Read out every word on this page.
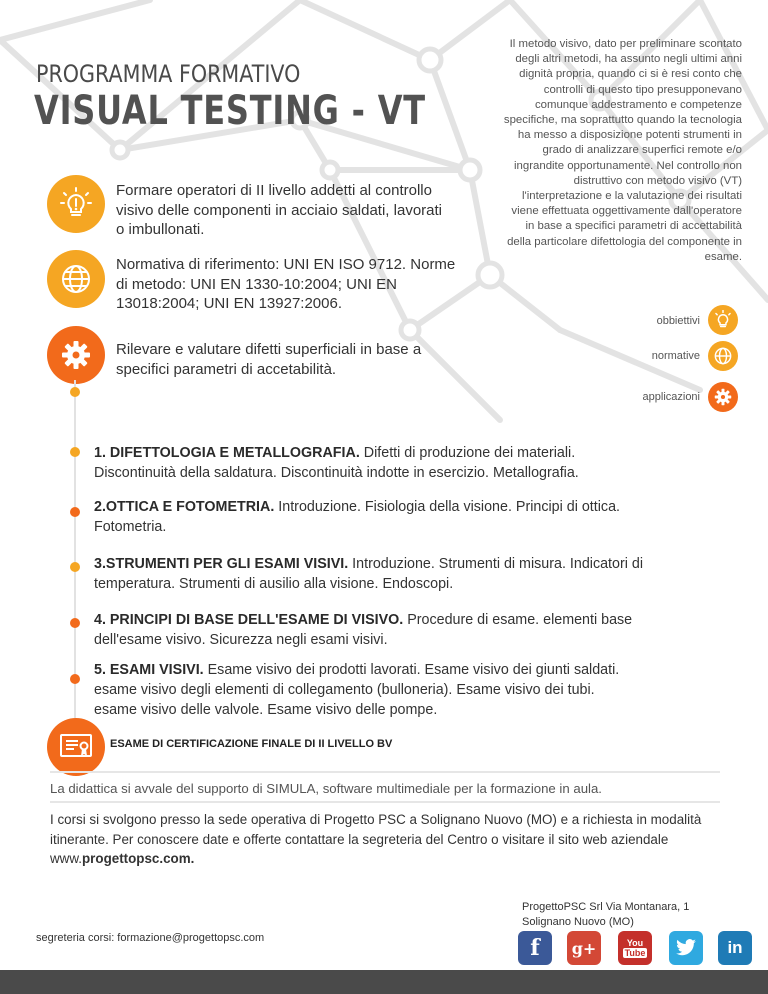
PROGRAMMA FORMATIVO
VISUAL TESTING - VT
Il metodo visivo, dato per preliminare scontato degli altri metodi, ha assunto negli ultimi anni dignità propria, quando ci si è resi conto che controlli di questo tipo presupponevano comunque addestramento e competenze specifiche, ma soprattutto quando la tecnologia ha messo a disposizione potenti strumenti in grado di analizzare superfici remote e/o ingrandite opportunamente. Nel controllo non distruttivo con metodo visivo (VT) l'interpretazione e la valutazione dei risultati viene effettuata oggettivamente dall'operatore in base a specifici parametri di accettabilità della particolare difettologia del componente in esame.
Formare operatori di II livello addetti al controllo visivo delle componenti in acciaio saldati, lavorati o imbullonati.
Normativa di riferimento: UNI EN ISO 9712. Norme di metodo: UNI EN 1330-10:2004; UNI EN 13018:2004; UNI EN 13927:2006.
Rilevare e valutare difetti superficiali in base a specifici parametri di accetabilità.
obbiettivi
normative
applicazioni
1. DIFETTOLOGIA E METALLOGRAFIA. Difetti di produzione dei materiali. Discontinuità della saldatura. Discontinuità indotte in esercizio. Metallografia.
2.OTTICA E FOTOMETRIA. Introduzione. Fisiologia della visione. Principi di ottica. Fotometria.
3.STRUMENTI PER GLI ESAMI VISIVI. Introduzione. Strumenti di misura. Indicatori di temperatura. Strumenti di ausilio alla visione. Endoscopi.
4. PRINCIPI DI BASE DELL'ESAME DI VISIVO. Procedure di esame. elementi base dell'esame visivo. Sicurezza negli esami visivi.
5. ESAMI VISIVI. Esame visivo dei prodotti lavorati. Esame visivo dei giunti saldati. esame visivo degli elementi di collegamento (bulloneria). Esame visivo dei tubi. esame visivo delle valvole. Esame visivo delle pompe.
ESAME DI CERTIFICAZIONE FINALE DI II LIVELLO BV
La didattica si avvale del supporto di SIMULA, software multimediale per la formazione in aula.
I corsi si svolgono presso la sede operativa di Progetto PSC a Solignano Nuovo (MO) e a richiesta in modalità itinerante. Per conoscere date e offerte contattare la segreteria del Centro o visitare il sito web aziendale www.progettopsc.com.
ProgettoPSC Srl Via Montanara, 1
Solignano Nuovo (MO)
segreteria corsi: formazione@progettopsc.com	f g+	You
Tube	in
